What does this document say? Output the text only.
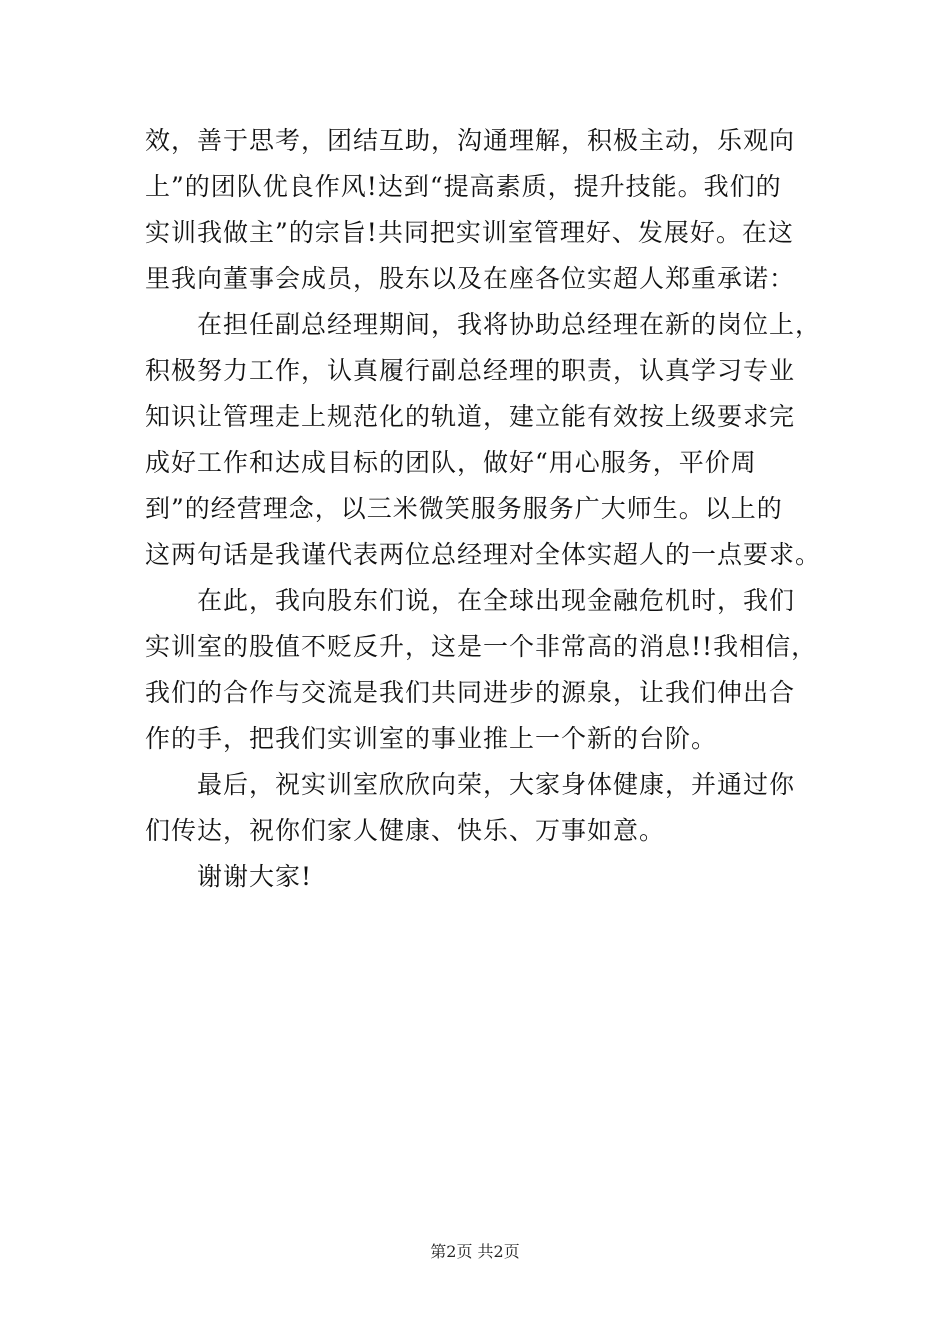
效，善于思考，团结互助，沟通理解，积极主动，乐观向
上”的团队优良作风!达到“提高素质，提升技能。我们的
实训我做主”的宗旨!共同把实训室管理好、发展好。在这
里我向董事会成员，股东以及在座各位实超人郑重承诺：
在担任副总经理期间，我将协助总经理在新的岗位上，
积极努力工作，认真履行副总经理的职责，认真学习专业
知识让管理走上规范化的轨道，建立能有效按上级要求完
成好工作和达成目标的团队，做好“用心服务，平价周
到”的经营理念，以三米微笑服务服务广大师生。以上的
这两句话是我谨代表两位总经理对全体实超人的一点要求。
在此，我向股东们说，在全球出现金融危机时，我们
实训室的股值不贬反升，这是一个非常高的消息!!我相信，
我们的合作与交流是我们共同进步的源泉，让我们伸出合
作的手，把我们实训室的事业推上一个新的台阶。
最后，祝实训室欣欣向荣，大家身体健康，并通过你
们传达，祝你们家人健康、快乐、万事如意。
谢谢大家!
第2页 共2页
